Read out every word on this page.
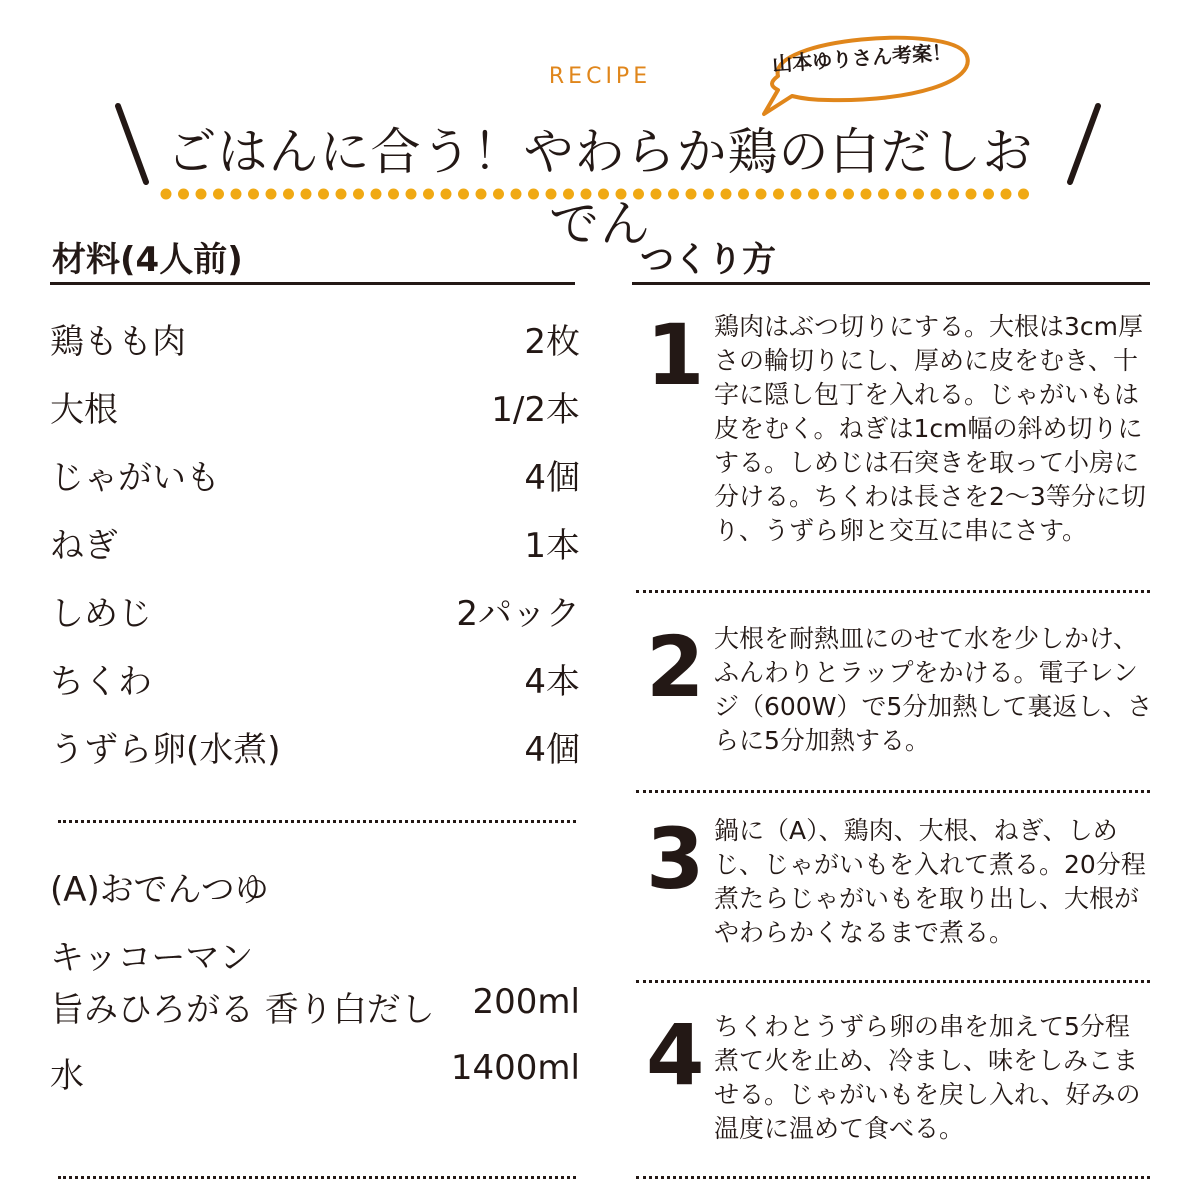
RECIPE
山本ゆりさん考案！
ごはんに合う！やわらか鶏の白だしおでん
材料(4人前)
鶏もも肉	2枚
大根	1/2本
じゃがいも	4個
ねぎ	1本
しめじ	2パック
ちくわ	4本
うずら卵(水煮)	4個
(A)おでんつゆ
キッコーマン
旨みひろがる 香り白だし 200ml
水	1400ml
つくり方
1 鶏肉はぶつ切りにする。大根は3cm厚さの輪切りにし、厚めに皮をむき、十字に隠し包丁を入れる。じゃがいもは皮をむく。ねぎは1cm幅の斜め切りにする。しめじは石突きを取って小房に分ける。ちくわは長さを2〜3等分に切り、うずら卵と交互に串にさす。
2 大根を耐熱皿にのせて水を少しかけ、ふんわりとラップをかける。電子レンジ（600W）で5分加熱して裏返し、さらに5分加熱する。
3 鍋に（A）、鶏肉、大根、ねぎ、しめじ、じゃがいもを入れて煮る。20分程煮たらじゃがいもを取り出し、大根がやわらかくなるまで煮る。
4 ちくわとうずら卵の串を加えて5分程煮て火を止め、冷まし、味をしみこませる。じゃがいもを戻し入れ、好みの温度に温めて食べる。
